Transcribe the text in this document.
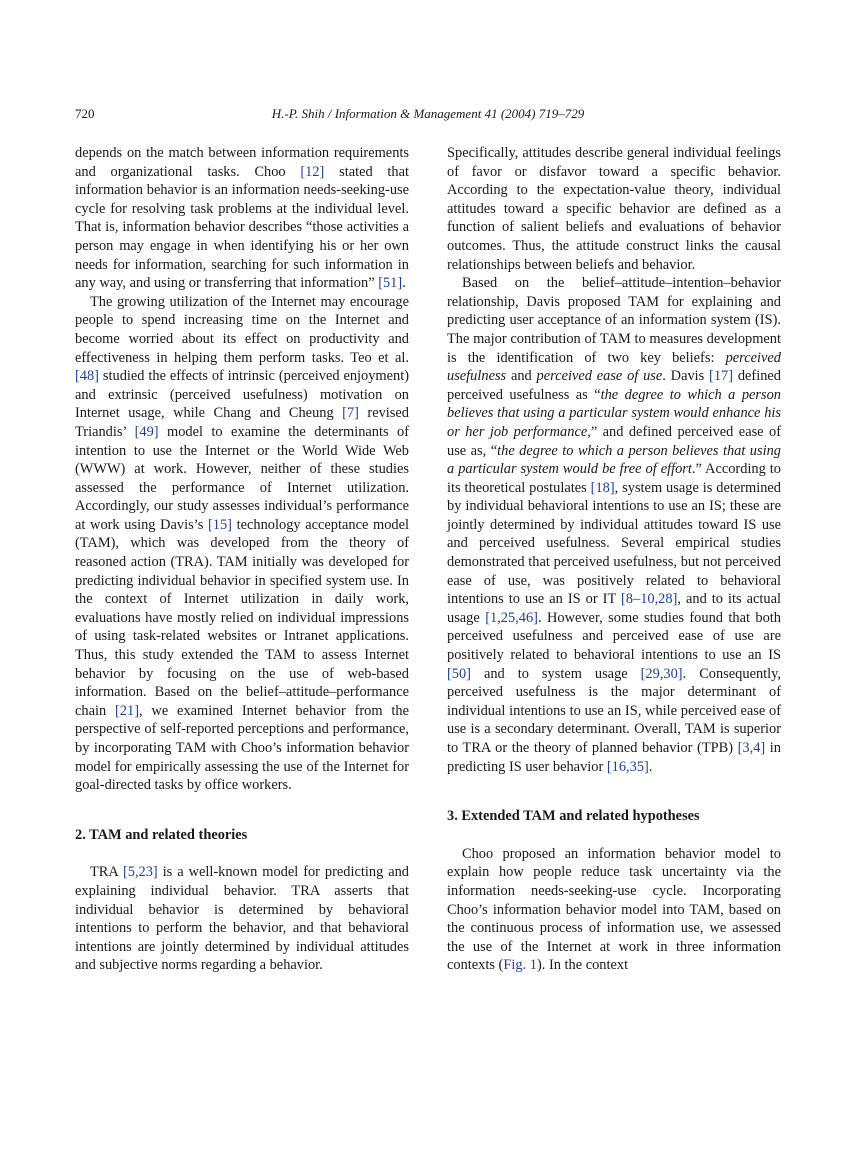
720	H.-P. Shih / Information & Management 41 (2004) 719–729

depends on the match between information requirements and organizational tasks. Choo [12] stated that information behavior is an information needs-seeking-use cycle for resolving task problems at the individual level. That is, information behavior describes “those activities a person may engage in when identifying his or her own needs for information, searching for such information in any way, and using or transferring that information” [51].

The growing utilization of the Internet may encourage people to spend increasing time on the Internet and become worried about its effect on productivity and effectiveness in helping them perform tasks. Teo et al. [48] studied the effects of intrinsic (perceived enjoyment) and extrinsic (perceived usefulness) motivation on Internet usage, while Chang and Cheung [7] revised Triandis’ [49] model to examine the determinants of intention to use the Internet or the World Wide Web (WWW) at work. However, neither of these studies assessed the performance of Internet utilization. Accordingly, our study assesses individual’s performance at work using Davis’s [15] technology acceptance model (TAM), which was developed from the theory of reasoned action (TRA). TAM initially was developed for predicting individual behavior in specified system use. In the context of Internet utilization in daily work, evaluations have mostly relied on individual impressions of using task-related websites or Intranet applications. Thus, this study extended the TAM to assess Internet behavior by focusing on the use of web-based information. Based on the belief–attitude–performance chain [21], we examined Internet behavior from the perspective of self-reported perceptions and performance, by incorporating TAM with Choo’s information behavior model for empirically assessing the use of the Internet for goal-directed tasks by office workers.

2. TAM and related theories

TRA [5,23] is a well-known model for predicting and explaining individual behavior. TRA asserts that individual behavior is determined by behavioral intentions to perform the behavior, and that behavioral intentions are jointly determined by individual attitudes and subjective norms regarding a behavior.

Specifically, attitudes describe general individual feelings of favor or disfavor toward a specific behavior. According to the expectation-value theory, individual attitudes toward a specific behavior are defined as a function of salient beliefs and evaluations of behavior outcomes. Thus, the attitude construct links the causal relationships between beliefs and behavior.

Based on the belief–attitude–intention–behavior relationship, Davis proposed TAM for explaining and predicting user acceptance of an information system (IS). The major contribution of TAM to measures development is the identification of two key beliefs: perceived usefulness and perceived ease of use. Davis [17] defined perceived usefulness as “the degree to which a person believes that using a particular system would enhance his or her job performance,” and defined perceived ease of use as, “the degree to which a person believes that using a particular system would be free of effort.” According to its theoretical postulates [18], system usage is determined by individual behavioral intentions to use an IS; these are jointly determined by individual attitudes toward IS use and perceived usefulness. Several empirical studies demonstrated that perceived usefulness, but not perceived ease of use, was positively related to behavioral intentions to use an IS or IT [8–10,28], and to its actual usage [1,25,46]. However, some studies found that both perceived usefulness and perceived ease of use are positively related to behavioral intentions to use an IS [50] and to system usage [29,30]. Consequently, perceived usefulness is the major determinant of individual intentions to use an IS, while perceived ease of use is a secondary determinant. Overall, TAM is superior to TRA or the theory of planned behavior (TPB) [3,4] in predicting IS user behavior [16,35].

3. Extended TAM and related hypotheses

Choo proposed an information behavior model to explain how people reduce task uncertainty via the information needs-seeking-use cycle. Incorporating Choo’s information behavior model into TAM, based on the continuous process of information use, we assessed the use of the Internet at work in three information contexts (Fig. 1). In the context
